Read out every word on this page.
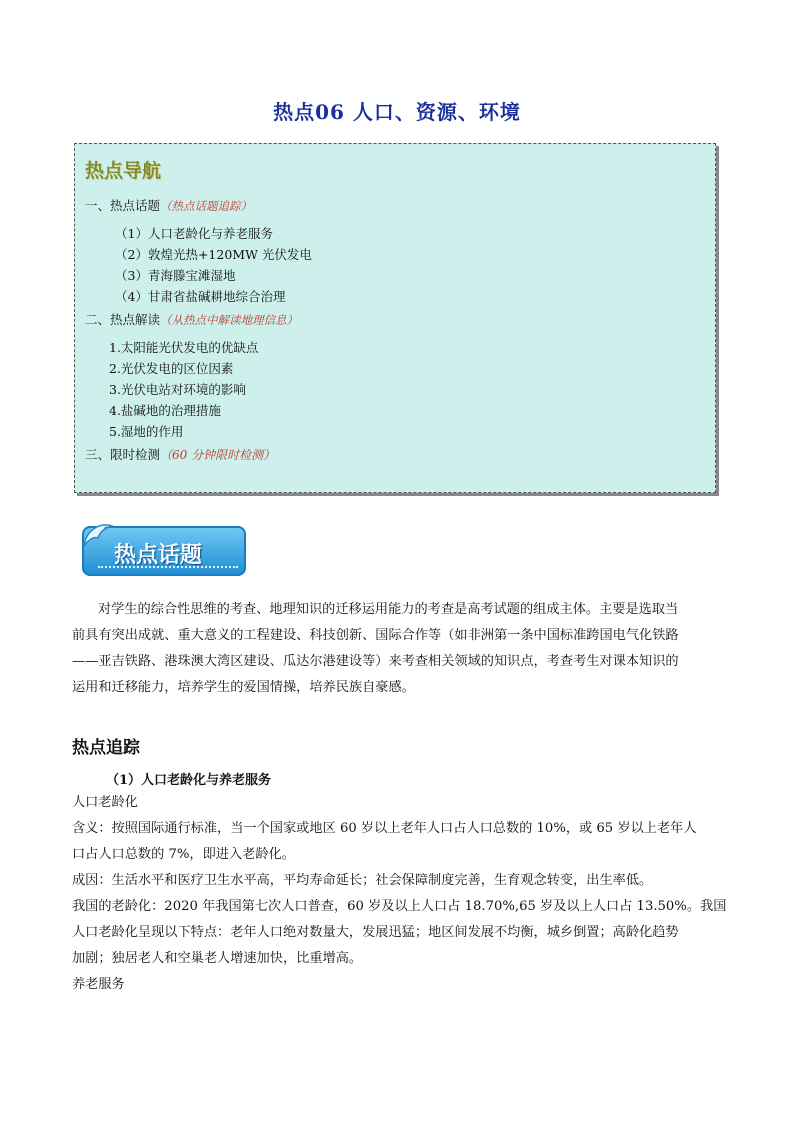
热点06 人口、资源、环境
热点导航
一、热点话题（热点话题追踪）
（1）人口老龄化与养老服务
（2）敦煌光热+120MW 光伏发电
（3）青海滕宝滩湿地
（4）甘肃省盐碱耕地综合治理
二、热点解读（从热点中解读地理信息）
1.太阳能光伏发电的优缺点
2.光伏发电的区位因素
3.光伏电站对环境的影响
4.盐碱地的治理措施
5.湿地的作用
三、限时检测（60 分钟限时检测）
热点话题
对学生的综合性思维的考查、地理知识的迁移运用能力的考查是高考试题的组成主体。主要是选取当
前具有突出成就、重大意义的工程建设、科技创新、国际合作等（如非洲第一条中国标准跨国电气化铁路
——亚吉铁路、港珠澳大湾区建设、瓜达尔港建设等）来考查相关领域的知识点，考查考生对课本知识的
运用和迁移能力，培养学生的爱国情操，培养民族自豪感。
热点追踪
（1）人口老龄化与养老服务
人口老龄化
含义：按照国际通行标准，当一个国家或地区 60 岁以上老年人口占人口总数的 10%，或 65 岁以上老年人
口占人口总数的 7%，即进入老龄化。
成因：生活水平和医疗卫生水平高，平均寿命延长；社会保障制度完善，生育观念转变，出生率低。
我国的老龄化：2020 年我国第七次人口普查，60 岁及以上人口占 18.70%,65 岁及以上人口占 13.50%。我国
人口老龄化呈现以下特点：老年人口绝对数量大，发展迅猛；地区间发展不均衡，城乡倒置；高龄化趋势
加剧；独居老人和空巢老人增速加快，比重增高。
养老服务
